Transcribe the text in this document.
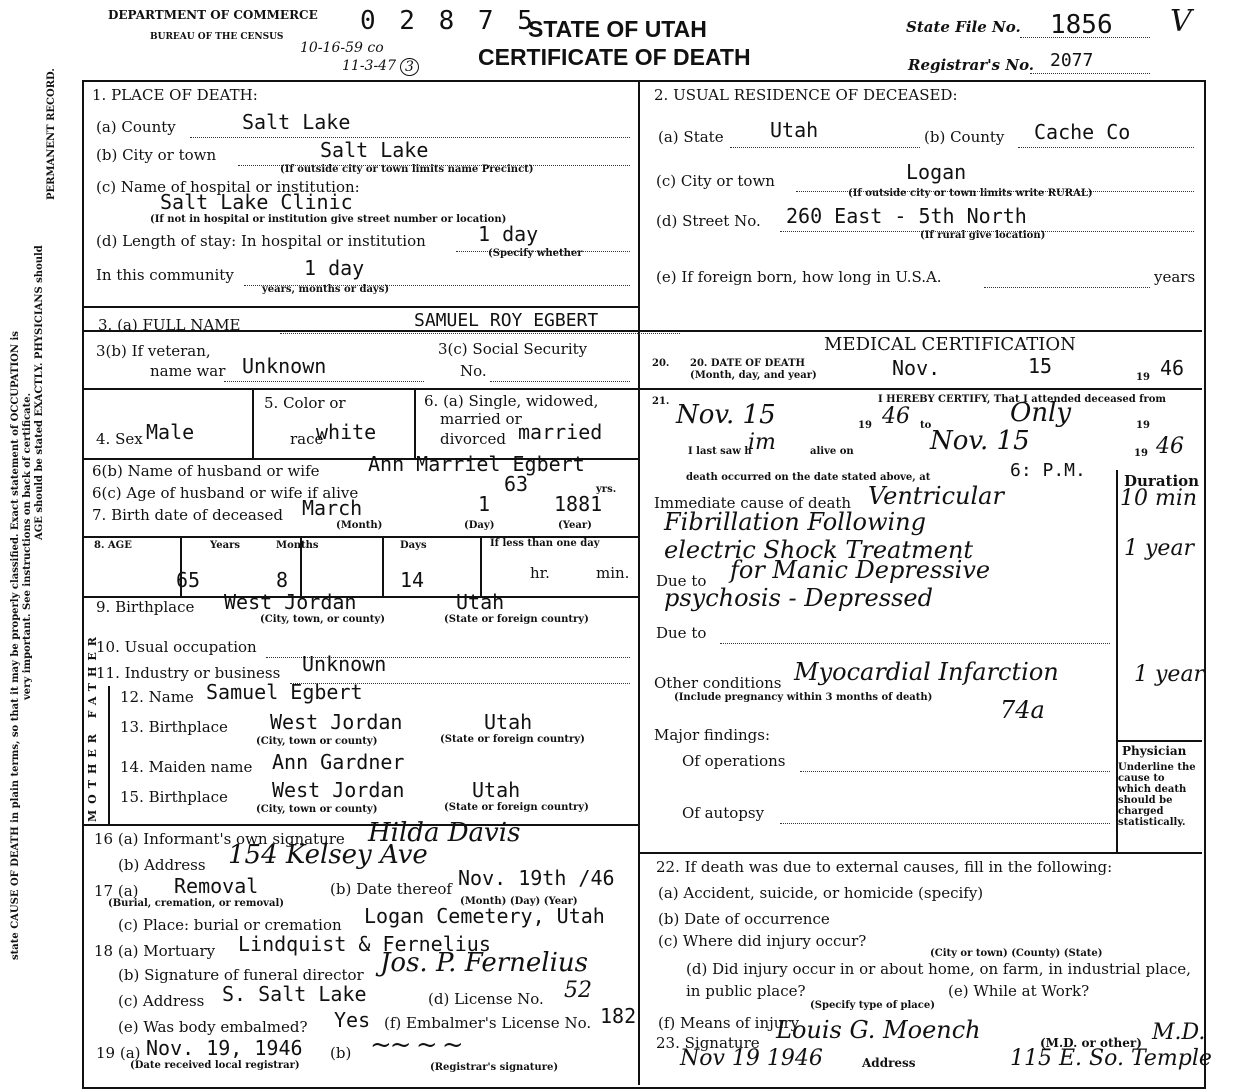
state CAUSE OF DEATH in plain terms, so that it may be properly classified. Exact statement of OCCUPATION is very important. See instructions on back of certificate.
AGE should be stated EXACTLY. PHYSICIANS should
PERMANENT RECORD.
DEPARTMENT OF COMMERCE
BUREAU OF THE CENSUS
0 2 8 7 5
10-16-59 co
11-3-47 3
STATE OF UTAH
CERTIFICATE OF DEATH
State File No. 1856 V
Registrar's No. 2077
1. PLACE OF DEATH:
(a) County	Salt Lake
(b) City or town	Salt Lake
(If outside city or town limits name Precinct)
(c) Name of hospital or institution:
Salt Lake Clinic
(If not in hospital or institution give street number or location)
(d) Length of stay: In hospital or institution	1 day
(Specify whether
In this community	1 day
years, months or days)
2. USUAL RESIDENCE OF DECEASED:
(a) State Utah	(b) County Cache Co
(c) City or town	Logan
(If outside city or town limits write RURAL)
(d) Street No. 260 East - 5th North
(If rural give location)
(e) If foreign born, how long in U.S.A.	years
3. (a) FULL NAME	SAMUEL ROY EGBERT
3(b) If veteran,
name war Unknown
3(c) Social Security
No.
4. Sex Male
5. Color or
race
white
6. (a) Single, widowed,
married or
divorced married
6(b) Name of husband or wife Ann Marriel Egbert
6(c) Age of husband or wife if alive	63	yrs.
7. Birth date of deceased March	1	1881
(Month)	(Day)	(Year)
8. AGE	Years	Months	Days	If less than one day
65	8	14	hr.	min.
9. Birthplace West Jordan	Utah
(City, town, or county)	(State or foreign country)
10. Usual occupation
11. Industry or business Unknown
MOTHER FATHER 12. Name Samuel Egbert
13. Birthplace West Jordan	Utah
(City, town or county)	(State or foreign country)
14. Maiden name Ann Gardner
15. Birthplace West Jordan	Utah
(City, town or county)	(State or foreign country)
16 (a) Informant's own signature Hilda Davis
(b) Address 154 Kelsey Ave
17 (a) Removal
(Burial, cremation, or removal)
(b) Date thereof Nov. 19th /46
(Month) (Day) (Year)
(c) Place: burial or cremation Logan Cemetery, Utah
18 (a) Mortuary Lindquist & Fernelius
(b) Signature of funeral director Jos. P. Fernelius
(c) Address S. Salt Lake	(d) License No. 52
(e) Was body embalmed? Yes (f) Embalmer's License No. 182
19 (a) Nov. 19, 1946
(Date received local registrar)
(b)
(Registrar's signature)
~~ ~ ~
MEDICAL CERTIFICATION
20. 20. DATE OF DEATH
(Month, day, and year)	Nov.	15	19 46
21.	I HEREBY CERTIFY, That I attended deceased from
Nov. 15	19 46 to	Only	19
I last saw h
im	alive on	Nov. 15	19 46
death occurred on the date stated above, at	6: P.M.	Duration
Immediate cause of death Ventricular	10 min
Fibrillation Following
electric Shock Treatment	1 year
Due to for Manic Depressive
psychosis - Depressed
Due to
Other conditions
(Include pregnancy within 3 months of death)
Myocardial Infarction	1 year
74a
Major findings:
Of operations
Of autopsy
Physician
Underline the cause to which death should be charged statistically.
22. If death was due to external causes, fill in the following:
(a) Accident, suicide, or homicide (specify)
(b) Date of occurrence
(c) Where did injury occur?
(City or town) (County) (State)
(d) Did injury occur in or about home, on farm, in industrial place,
in public place?	(e) While at Work?
(Specify type of place)
(f) Means of injury
23. Signature Louis G. Moench	(M.D. or other) M.D.
Nov 19 1946	Address	115 E. So. Temple
